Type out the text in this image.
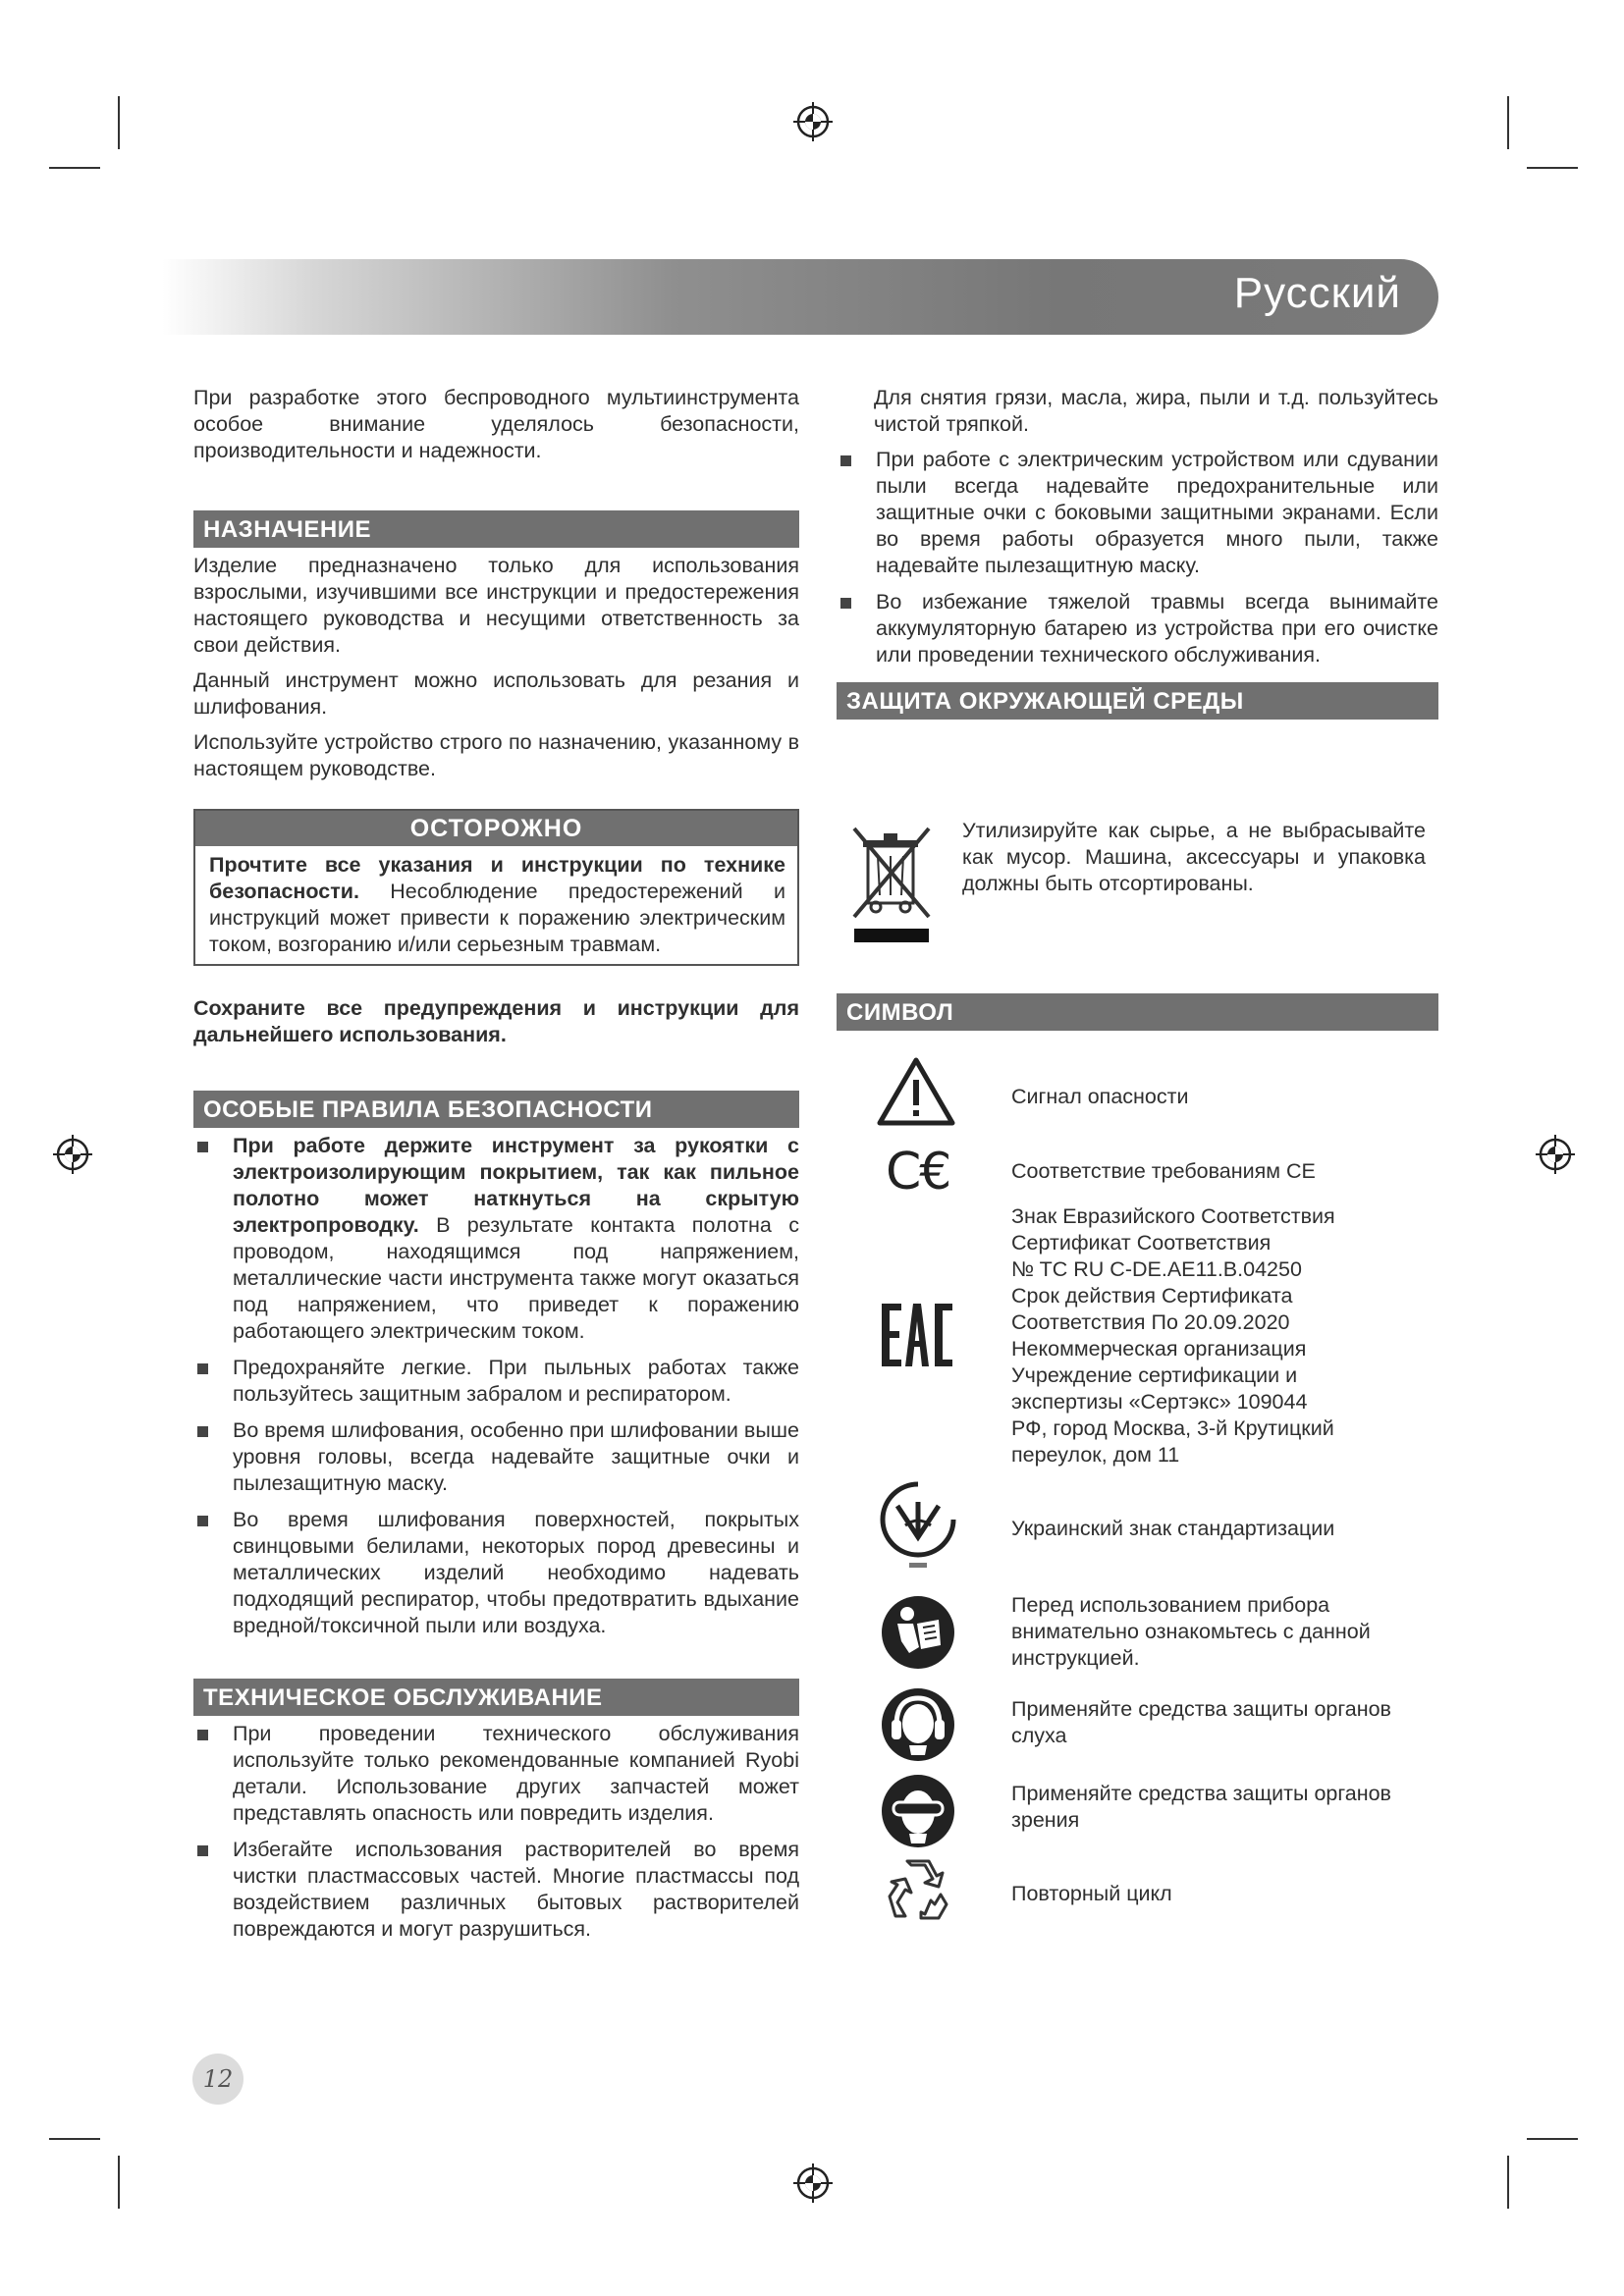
Русский

При разработке этого беспроводного мультиинструмента особое внимание уделялось безопасности, производительности и надежности.

НАЗНАЧЕНИЕ

Изделие предназначено только для использования взрослыми, изучившими все инструкции и предостережения настоящего руководства и несущими ответственность за свои действия.

Данный инструмент можно использовать для резания и шлифования.

Используйте устройство строго по назначению, указанному в настоящем руководстве.

ОСТОРОЖНО
Прочтите все указания и инструкции по технике безопасности. Несоблюдение предостережений и инструкций может привести к поражению электрическим током, возгоранию и/или серьезным травмам.

Сохраните все предупреждения и инструкции для дальнейшего использования.

ОСОБЫЕ ПРАВИЛА БЕЗОПАСНОСТИ
При работе держите инструмент за рукоятки с электроизолирующим покрытием, так как пильное полотно может наткнуться на скрытую электропроводку. В результате контакта полотна с проводом, находящимся под напряжением, металлические части инструмента также могут оказаться под напряжением, что приведет к поражению работающего электрическим током.
Предохраняйте легкие. При пыльных работах также пользуйтесь защитным забралом и респиратором.
Во время шлифования, особенно при шлифовании выше уровня головы, всегда надевайте защитные очки и пылезащитную маску.
Во время шлифования поверхностей, покрытых свинцовыми белилами, некоторых пород древесины и металлических изделий необходимо надевать подходящий респиратор, чтобы предотвратить вдыхание вредной/токсичной пыли или воздуха.
ТЕХНИЧЕСКОЕ ОБСЛУЖИВАНИЕ
При проведении технического обслуживания используйте только рекомендованные компанией Ryobi детали. Использование других запчастей может представлять опасность или повредить изделия.
Избегайте использования растворителей во время чистки пластмассовых частей. Многие пластмассы под воздействием различных бытовых растворителей повреждаются и могут разрушиться.

Для снятия грязи, масла, жира, пыли и т.д. пользуйтесь чистой тряпкой.

При работе с электрическим устройством или сдувании пыли всегда надевайте предохранительные или защитные очки с боковыми защитными экранами. Если во время работы образуется много пыли, также надевайте пылезащитную маску.
Во избежание тяжелой травмы всегда вынимайте аккумуляторную батарею из устройства при его очистке или проведении технического обслуживания.
ЗАЩИТА ОКРУЖАЮЩЕЙ СРЕДЫ
Утилизируйте как сырье, а не выбрасывайте как мусор. Машина, аксессуары и упаковка должны быть отсортированы.
СИМВОЛ
Сигнал опасности
C€	Соответствие требованиям CE
Знак Евразийского Соответствия
Сертификат Соответствия
№ TC RU C-DE.AE11.B.04250
Срок действия Сертификата
Соответствия По 20.09.2020
Некоммерческая организация
Учреждение сертификации и
экспертизы «Сертэкс» 109044
РФ, город Москва, 3-й Крутицкий
переулок, дом 11
Украинский знак стандартизации
Перед использованием прибора внимательно ознакомьтесь с данной инструкцией.
Применяйте средства защиты органов слуха
Применяйте средства защиты органов зрения
Повторный цикл
12
